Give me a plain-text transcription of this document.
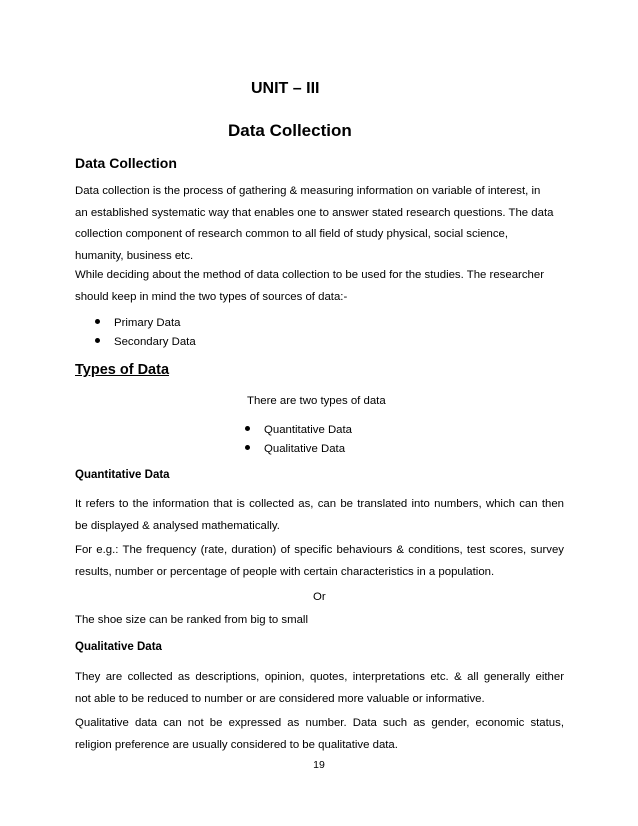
UNIT – III
Data Collection
Data Collection
Data collection is the process of gathering & measuring information on variable of interest, in
an established systematic way that enables one to answer stated research questions. The data
collection component of research common to all field of study physical, social science,
humanity, business etc.
While deciding about the method of data collection to be used for the studies. The researcher
should keep in mind the two types of sources of data:-
Primary Data
Secondary Data
Types of Data
There are two types of data
Quantitative Data
Qualitative Data
Quantitative Data
It refers to the information that is collected as, can be translated into numbers, which can then
be displayed & analysed mathematically.
For e.g.: The frequency (rate, duration) of specific behaviours & conditions, test scores, survey
results, number or percentage of people with certain characteristics in a population.
Or
The shoe size can be ranked from big to small
Qualitative Data
They are collected as descriptions, opinion, quotes, interpretations etc. & all generally either
not able to be reduced to number or are considered more valuable or informative.
Qualitative data can not be expressed as number. Data such as gender, economic status,
religion preference are usually considered to be qualitative data.
19
